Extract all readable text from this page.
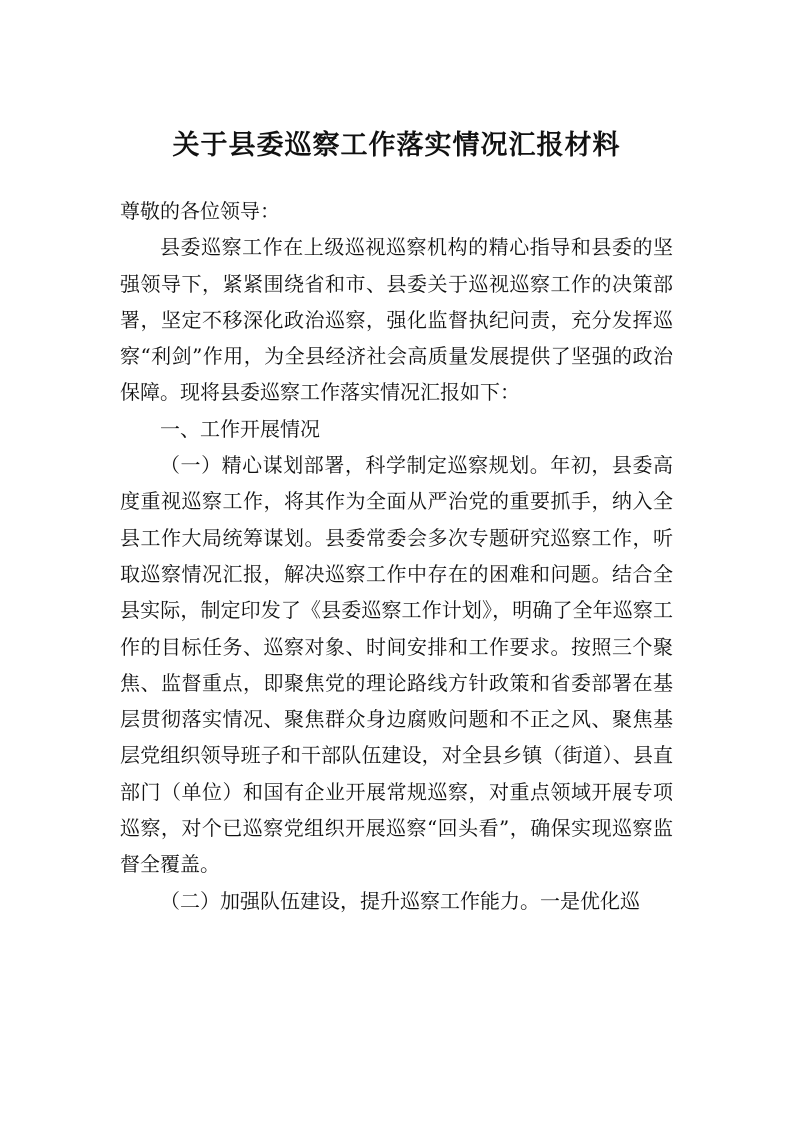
关于县委巡察工作落实情况汇报材料

尊敬的各位领导：

县委巡察工作在上级巡视巡察机构的精心指导和县委的坚强领导下，紧紧围绕省和市、县委关于巡视巡察工作的决策部署，坚定不移深化政治巡察，强化监督执纪问责，充分发挥巡察“利剑”作用，为全县经济社会高质量发展提供了坚强的政治保障。现将县委巡察工作落实情况汇报如下：

一、工作开展情况

（一）精心谋划部署，科学制定巡察规划。年初，县委高度重视巡察工作，将其作为全面从严治党的重要抓手，纳入全县工作大局统筹谋划。县委常委会多次专题研究巡察工作，听取巡察情况汇报，解决巡察工作中存在的困难和问题。结合全县实际，制定印发了《县委巡察工作计划》，明确了全年巡察工作的目标任务、巡察对象、时间安排和工作要求。按照三个聚焦、监督重点，即聚焦党的理论路线方针政策和省委部署在基层贯彻落实情况、聚焦群众身边腐败问题和不正之风、聚焦基层党组织领导班子和干部队伍建设，对全县乡镇（街道）、县直部门（单位）和国有企业开展常规巡察，对重点领域开展专项巡察，对个已巡察党组织开展巡察“回头看”，确保实现巡察监督全覆盖。

（二）加强队伍建设，提升巡察工作能力。一是优化巡
